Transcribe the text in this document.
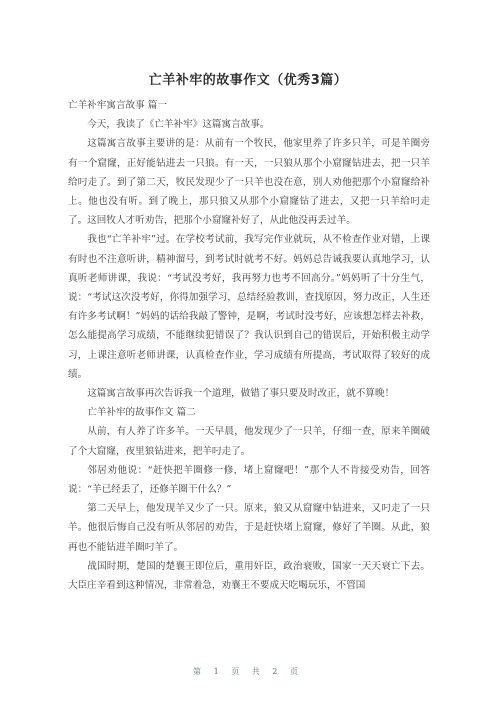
亡羊补牢的故事作文（优秀3篇）

亡羊补牢寓言故事 篇一

今天，我读了《亡羊补牢》这篇寓言故事。

这篇寓言故事主要讲的是：从前有一个牧民，他家里养了许多只羊，可是羊圈旁有一个窟窿，正好能钻进去一只狼。有一天，一只狼从那个小窟窿钻进去，把一只羊给叼走了。到了第二天，牧民发现少了一只羊也没在意，别人劝他把那个小窟窿给补上。他也没有听。到了晚上，那只狼又从那个小窟窿钻了进去，又把一只羊给叼走了。这回牧人才听劝告，把那个小窟窿补好了，从此他没再丢过羊。

我也“亡羊补牢”过。在学校考试前，我写完作业就玩，从不检查作业对错，上课有时也不注意听讲，精神溜号，到考试时就考不好。妈妈总告诫我要认真地学习，认真听老师讲课，我说：“考试没考好，我再努力也考不回高分。”妈妈听了十分生气，说：“考试这次没考好，你得加强学习，总结经验教训，查找原因，努力改正，人生还有许多考试啊！”妈妈的话给我敲了警钟，是啊，考试时没考好，应该想怎样去补救，怎么能提高学习成绩，不能继续犯错误了？我认识到自己的错误后，开始积极主动学习，上课注意听老师讲课，认真检查作业，学习成绩有所提高，考试取得了较好的成绩。

这篇寓言故事再次告诉我一个道理，做错了事只要及时改正，就不算晚！

亡羊补牢的故事作文 篇二

从前，有人养了许多羊。一天早晨，他发现少了一只羊，仔细一查，原来羊圈破了个大窟窿，夜里狼钻进来，把羊叼走了。

邻居劝他说：“赶快把羊圈修一修，堵上窟窿吧！”那个人不肯接受劝告，回答说：“羊已经丢了，还修羊圈干什么？”

第二天早上，他发现羊又少了一只。原来，狼又从窟窿中钻进来，又叼走了一只羊。他很后悔自己没有听从邻居的劝告，于是赶快堵上窟窿，修好了羊圈。从此，狼再也不能钻进羊圈叼羊了。

战国时期，楚国的楚襄王即位后，重用奸臣，政治衰败，国家一天天衰亡下去。大臣庄辛看到这种情况，非常着急，劝襄王不要成天吃喝玩乐，不管国

第 1 页 共 2 页
